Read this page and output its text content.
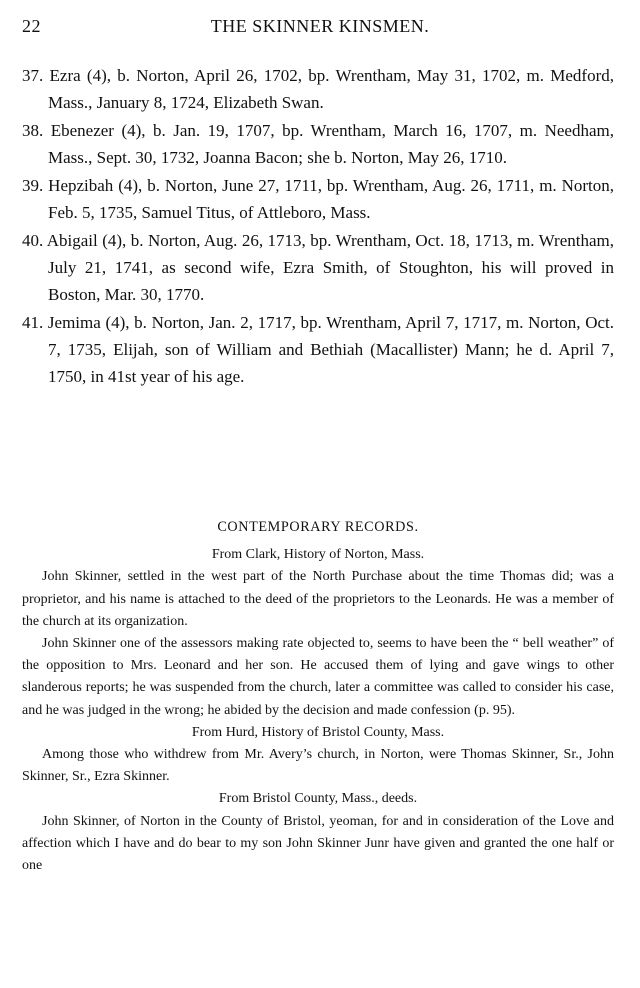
22	THE SKINNER KINSMEN.

37. Ezra (4), b. Norton, April 26, 1702, bp. Wrentham, May 31, 1702, m. Medford, Mass., January 8, 1724, Elizabeth Swan.

38. Ebenezer (4), b. Jan. 19, 1707, bp. Wrentham, March 16, 1707, m. Needham, Mass., Sept. 30, 1732, Joanna Bacon; she b. Norton, May 26, 1710.

39. Hepzibah (4), b. Norton, June 27, 1711, bp. Wrentham, Aug. 26, 1711, m. Norton, Feb. 5, 1735, Samuel Titus, of Attleboro, Mass.

40. Abigail (4), b. Norton, Aug. 26, 1713, bp. Wrentham, Oct. 18, 1713, m. Wrentham, July 21, 1741, as second wife, Ezra Smith, of Stoughton, his will proved in Boston, Mar. 30, 1770.

41. Jemima (4), b. Norton, Jan. 2, 1717, bp. Wrentham, April 7, 1717, m. Norton, Oct. 7, 1735, Elijah, son of William and Bethiah (Macallister) Mann; he d. April 7, 1750, in 41st year of his age.

CONTEMPORARY RECORDS.

From Clark, History of Norton, Mass.

John Skinner, settled in the west part of the North Purchase about the time Thomas did; was a proprietor, and his name is attached to the deed of the proprietors to the Leonards. He was a member of the church at its organization.

John Skinner one of the assessors making rate objected to, seems to have been the “ bell weather” of the opposition to Mrs. Leonard and her son. He accused them of lying and gave wings to other slanderous reports; he was suspended from the church, later a committee was called to consider his case, and he was judged in the wrong; he abided by the decision and made confession (p. 95).

From Hurd, History of Bristol County, Mass.

Among those who withdrew from Mr. Avery’s church, in Norton, were Thomas Skinner, Sr., John Skinner, Sr., Ezra Skinner.

From Bristol County, Mass., deeds.

John Skinner, of Norton in the County of Bristol, yeoman, for and in consideration of the Love and affection which I have and do bear to my son John Skinner Junr have given and granted the one half or one
